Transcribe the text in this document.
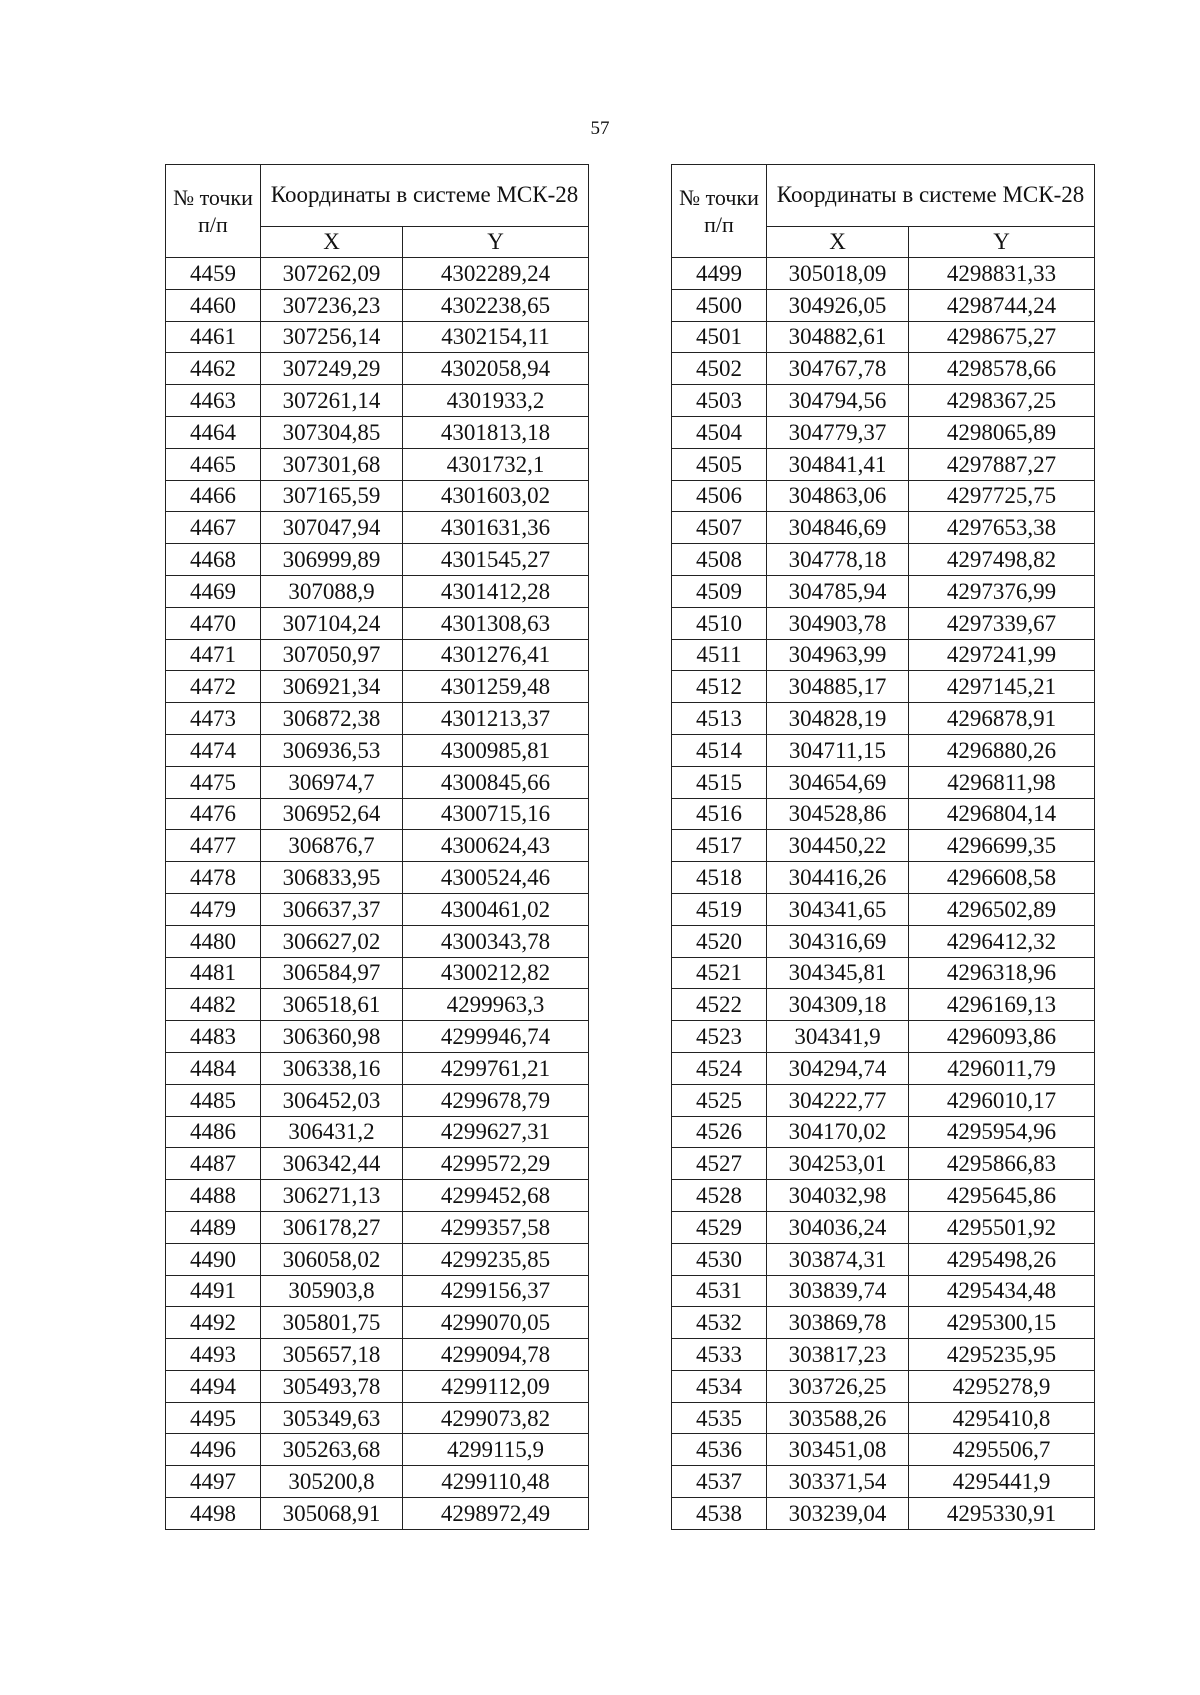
57
№ точки п/п	Координаты в системе МСК-28	
	X	Y
4459	307262,09	4302289,24
4460	307236,23	4302238,65
4461	307256,14	4302154,11
4462	307249,29	4302058,94
4463	307261,14	4301933,2
4464	307304,85	4301813,18
4465	307301,68	4301732,1
4466	307165,59	4301603,02
4467	307047,94	4301631,36
4468	306999,89	4301545,27
4469	307088,9	4301412,28
4470	307104,24	4301308,63
4471	307050,97	4301276,41
4472	306921,34	4301259,48
4473	306872,38	4301213,37
4474	306936,53	4300985,81
4475	306974,7	4300845,66
4476	306952,64	4300715,16
4477	306876,7	4300624,43
4478	306833,95	4300524,46
4479	306637,37	4300461,02
4480	306627,02	4300343,78
4481	306584,97	4300212,82
4482	306518,61	4299963,3
4483	306360,98	4299946,74
4484	306338,16	4299761,21
4485	306452,03	4299678,79
4486	306431,2	4299627,31
4487	306342,44	4299572,29
4488	306271,13	4299452,68
4489	306178,27	4299357,58
4490	306058,02	4299235,85
4491	305903,8	4299156,37
4492	305801,75	4299070,05
4493	305657,18	4299094,78
4494	305493,78	4299112,09
4495	305349,63	4299073,82
4496	305263,68	4299115,9
4497	305200,8	4299110,48
4498	305068,91	4298972,49
№ точки п/п	Координаты в системе МСК-28	
	X	Y
4499	305018,09	4298831,33
4500	304926,05	4298744,24
4501	304882,61	4298675,27
4502	304767,78	4298578,66
4503	304794,56	4298367,25
4504	304779,37	4298065,89
4505	304841,41	4297887,27
4506	304863,06	4297725,75
4507	304846,69	4297653,38
4508	304778,18	4297498,82
4509	304785,94	4297376,99
4510	304903,78	4297339,67
4511	304963,99	4297241,99
4512	304885,17	4297145,21
4513	304828,19	4296878,91
4514	304711,15	4296880,26
4515	304654,69	4296811,98
4516	304528,86	4296804,14
4517	304450,22	4296699,35
4518	304416,26	4296608,58
4519	304341,65	4296502,89
4520	304316,69	4296412,32
4521	304345,81	4296318,96
4522	304309,18	4296169,13
4523	304341,9	4296093,86
4524	304294,74	4296011,79
4525	304222,77	4296010,17
4526	304170,02	4295954,96
4527	304253,01	4295866,83
4528	304032,98	4295645,86
4529	304036,24	4295501,92
4530	303874,31	4295498,26
4531	303839,74	4295434,48
4532	303869,78	4295300,15
4533	303817,23	4295235,95
4534	303726,25	4295278,9
4535	303588,26	4295410,8
4536	303451,08	4295506,7
4537	303371,54	4295441,9
4538	303239,04	4295330,91
